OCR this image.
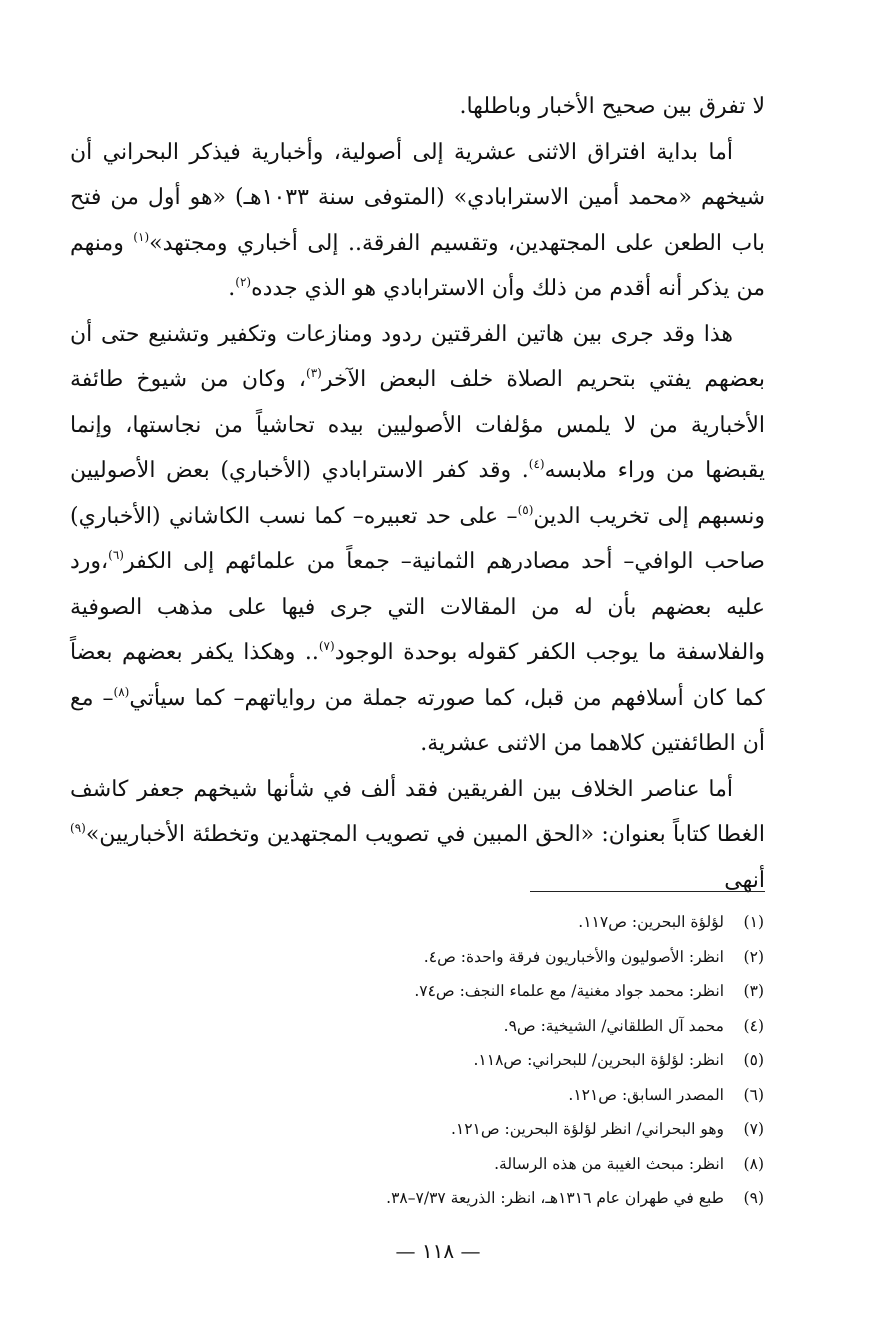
لا تفرق بين صحيح الأخبار وباطلها.

أما بداية افتراق الاثنى عشرية إلى أصولية، وأخبارية فيذكر البحراني أن شيخهم «محمد أمين الاسترابادي» (المتوفى سنة ١٠٣٣هـ) «هو أول من فتح باب الطعن على المجتهدين، وتقسيم الفرقة.. إلى أخباري ومجتهد»$^{(١)}$ ومنهم من يذكر أنه أقدم من ذلك وأن الاسترابادي هو الذي جدده$^{(٢)}$.

هذا وقد جرى بين هاتين الفرقتين ردود ومنازعات وتكفير وتشنيع حتى أن بعضهم يفتي بتحريم الصلاة خلف البعض الآخر$^{(٣)}$، وكان من شيوخ طائفة الأخبارية من لا يلمس مؤلفات الأصوليين بيده تحاشياً من نجاستها، وإنما يقبضها من وراء ملابسه$^{(٤)}$. وقد كفر الاسترابادي (الأخباري) بعض الأصوليين ونسبهم إلى تخريب الدين$^{(٥)}$– على حد تعبيره– كما نسب الكاشاني (الأخباري) صاحب الوافي– أحد مصادرهم الثمانية– جمعاً من علمائهم إلى الكفر$^{(٦)}$،ورد عليه بعضهم بأن له من المقالات التي جرى فيها على مذهب الصوفية والفلاسفة ما يوجب الكفر كقوله بوحدة الوجود$^{(٧)}$.. وهكذا يكفر بعضهم بعضاً كما كان أسلافهم من قبل، كما صورته جملة من رواياتهم– كما سيأتي$^{(٨)}$– مع أن الطائفتين كلاهما من الاثنى عشرية.

أما عناصر الخلاف بين الفريقين فقد ألف في شأنها شيخهم جعفر كاشف الغطا كتاباً بعنوان: «الحق المبين في تصويب المجتهدين وتخطئة الأخباريين»$^{(٩)}$ أنهى

(١)
لؤلؤة البحرين: ص١١٧.
(٢)
انظر: الأصوليون والأخباريون فرقة واحدة: ص٤.
(٣)
انظر: محمد جواد مغنية/ مع علماء النجف: ص٧٤.
(٤)
محمد آل الطلقاني/ الشيخية: ص٩.
(٥)
انظر: لؤلؤة البحرين/ للبحراني: ص١١٨.
(٦)
المصدر السابق: ص١٢١.
(٧)
وهو البحراني/ انظر لؤلؤة البحرين: ص١٢١.
(٨)
انظر: مبحث الغيبة من هذه الرسالة.
(٩)
طبع في طهران عام ١٣١٦هـ، انظر: الذريعة ٧/٣٧–٣٨.
— ١١٨ —
